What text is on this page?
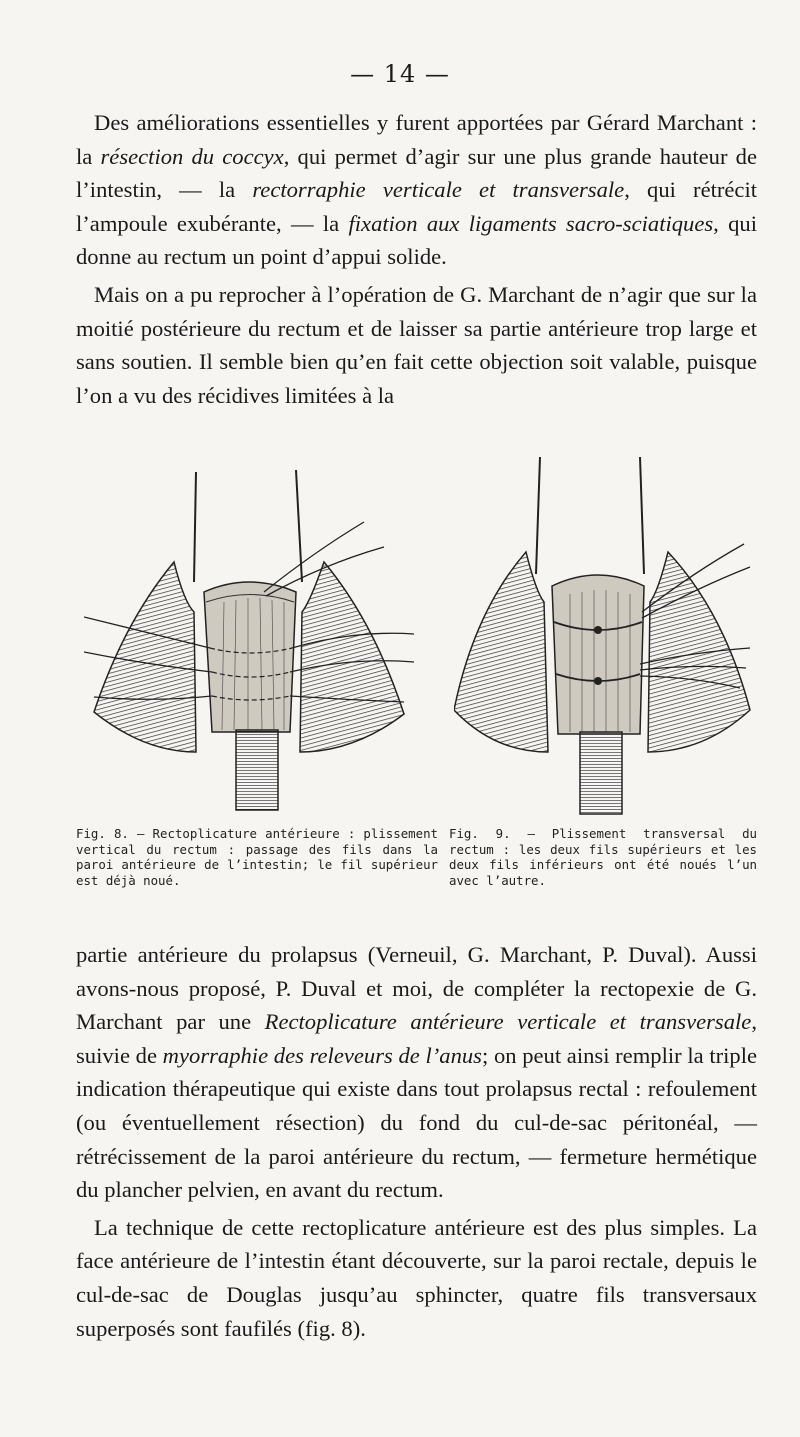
— 14 —

Des améliorations essentielles y furent apportées par Gérard Marchant : la résection du coccyx, qui permet d’agir sur une plus grande hauteur de l’intestin, — la rectorraphie verticale et transversale, qui rétrécit l’ampoule exubérante, — la fixation aux ligaments sacro-sciatiques, qui donne au rectum un point d’appui solide.

Mais on a pu reprocher à l’opération de G. Marchant de n’agir que sur la moitié postérieure du rectum et de laisser sa partie antérieure trop large et sans soutien. Il semble bien qu’en fait cette objection soit valable, puisque l’on a vu des récidives limitées à la

Fig. 8. — Rectoplicature antérieure : plissement vertical du rectum : passage des fils dans la paroi antérieure de l’intestin; le fil supérieur est déjà noué.
Fig. 9. — Plissement transversal du rectum : les deux fils supérieurs et les deux fils inférieurs ont été noués l’un avec l’autre.

partie antérieure du prolapsus (Verneuil, G. Marchant, P. Duval). Aussi avons-nous proposé, P. Duval et moi, de compléter la rectopexie de G. Marchant par une Rectoplicature antérieure verticale et transversale, suivie de myorraphie des releveurs de l’anus; on peut ainsi remplir la triple indication thérapeutique qui existe dans tout prolapsus rectal : refoulement (ou éventuellement résection) du fond du cul-de-sac péritonéal, — rétrécissement de la paroi antérieure du rectum, — fermeture hermétique du plancher pelvien, en avant du rectum.

La technique de cette rectoplicature antérieure est des plus simples. La face antérieure de l’intestin étant découverte, sur la paroi rectale, depuis le cul-de-sac de Douglas jusqu’au sphincter, quatre fils transversaux superposés sont faufilés (fig. 8).
